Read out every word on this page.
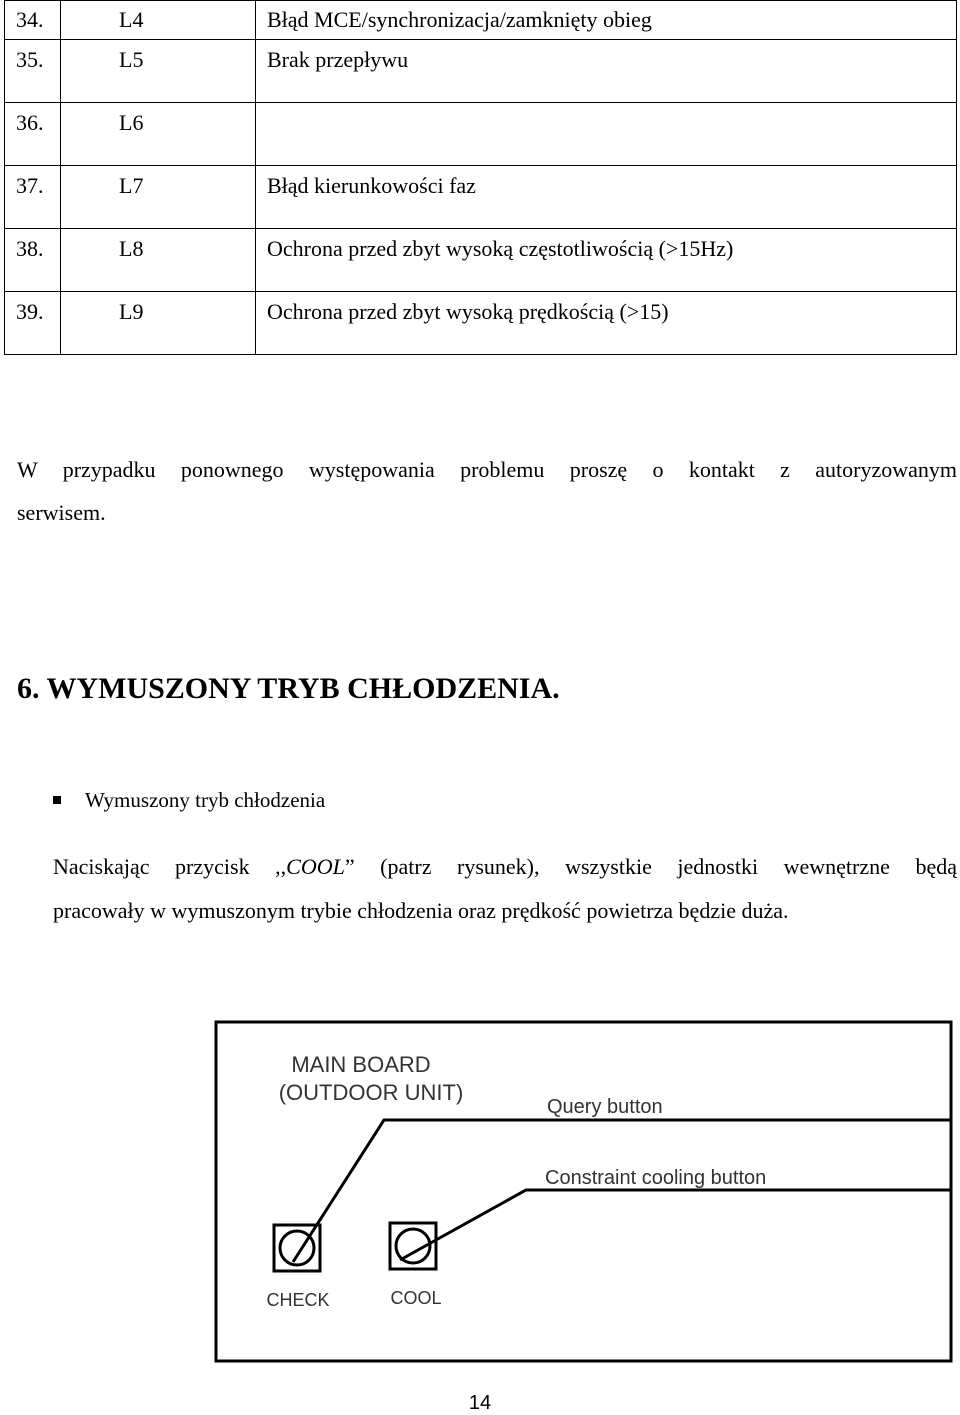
34.	L4	Błąd MCE/synchronizacja/zamknięty obieg
35.	L5	Brak przepływu
36.	L6	
37.	L7	Błąd kierunkowości faz
38.	L8	Ochrona przed zbyt wysoką częstotliwością (>15Hz)
39.	L9	Ochrona przed zbyt wysoką prędkością (>15)
W przypadku ponownego występowania problemu proszę o kontakt z autoryzowanym
serwisem.
6. WYMUSZONY TRYB CHŁODZENIA.
Wymuszony tryb chłodzenia
Naciskając przycisk ,,COOL” (patrz rysunek), wszystkie jednostki wewnętrzne będą
pracowały w wymuszonym trybie chłodzenia oraz prędkość powietrza będzie duża.
MAIN BOARD
(OUTDOOR UNIT)
Query button
Constraint cooling button
CHECK	COOL
14
